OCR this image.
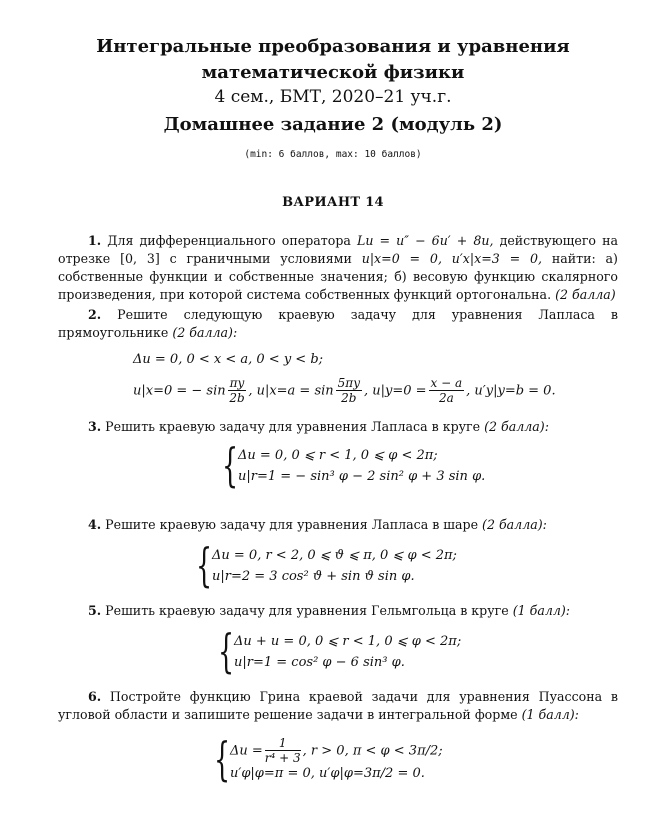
Интегральные преобразования и уравнения
математической физики
4 сем., БМТ, 2020–21 уч.г.
Домашнее задание 2 (модуль 2)
(min: 6 баллов, max: 10 баллов)
ВАРИАНТ 14
1. Для дифференциального оператора Lu = u″ − 6u′ + 8u, действующего на отрезке [0, 3] с граничными условиями u|x=0 = 0, u′x|x=3 = 0, найти: а) собственные функции и собственные значения; б) весовую функцию скалярного произведения, при которой система собственных функций ортогональна. (2 балла)
2. Решите следующую краевую задачу для уравнения Лапласа в прямоугольнике (2 балла):
Δu = 0, 0 < x < a, 0 < y < b;
u|x=0 = − $\sin \frac{\pi y}{2b}$ , $u|x=a = \sin \frac{5\pi y}{2b}$ , $u|y=0 = \frac{x - a}{2a}$ , u′y|y=b = 0.
3. Решить краевую задачу для уравнения Лапласа в круге (2 балла):
{ Δu = 0, 0 ⩽ r < 1, 0 ⩽ φ < 2π;
u|r=1 = − sin³ φ − 2 sin² φ + 3 sin φ.
4. Решите краевую задачу для уравнения Лапласа в шаре (2 балла):
{ Δu = 0, r < 2, 0 ⩽ ϑ ⩽ π, 0 ⩽ φ < 2π;
u|r=2 = 3 cos² ϑ + sin ϑ sin φ.
5. Решить краевую задачу для уравнения Гельмгольца в круге (1 балл):
{ Δu + u = 0, 0 ⩽ r < 1, 0 ⩽ φ < 2π;
u|r=1 = cos² φ − 6 sin³ φ.
6. Постройте функцию Грина краевой задачи для уравнения Пуассона в угловой области и запишите решение задачи в интегральной форме (1 балл):
{ $\Delta u = \frac{1}{\text{r⁴ + 3}}$ , r > 0, π < φ < 3π/2;
u′φ|φ=π = 0, u′φ|φ=3π/2 = 0.
